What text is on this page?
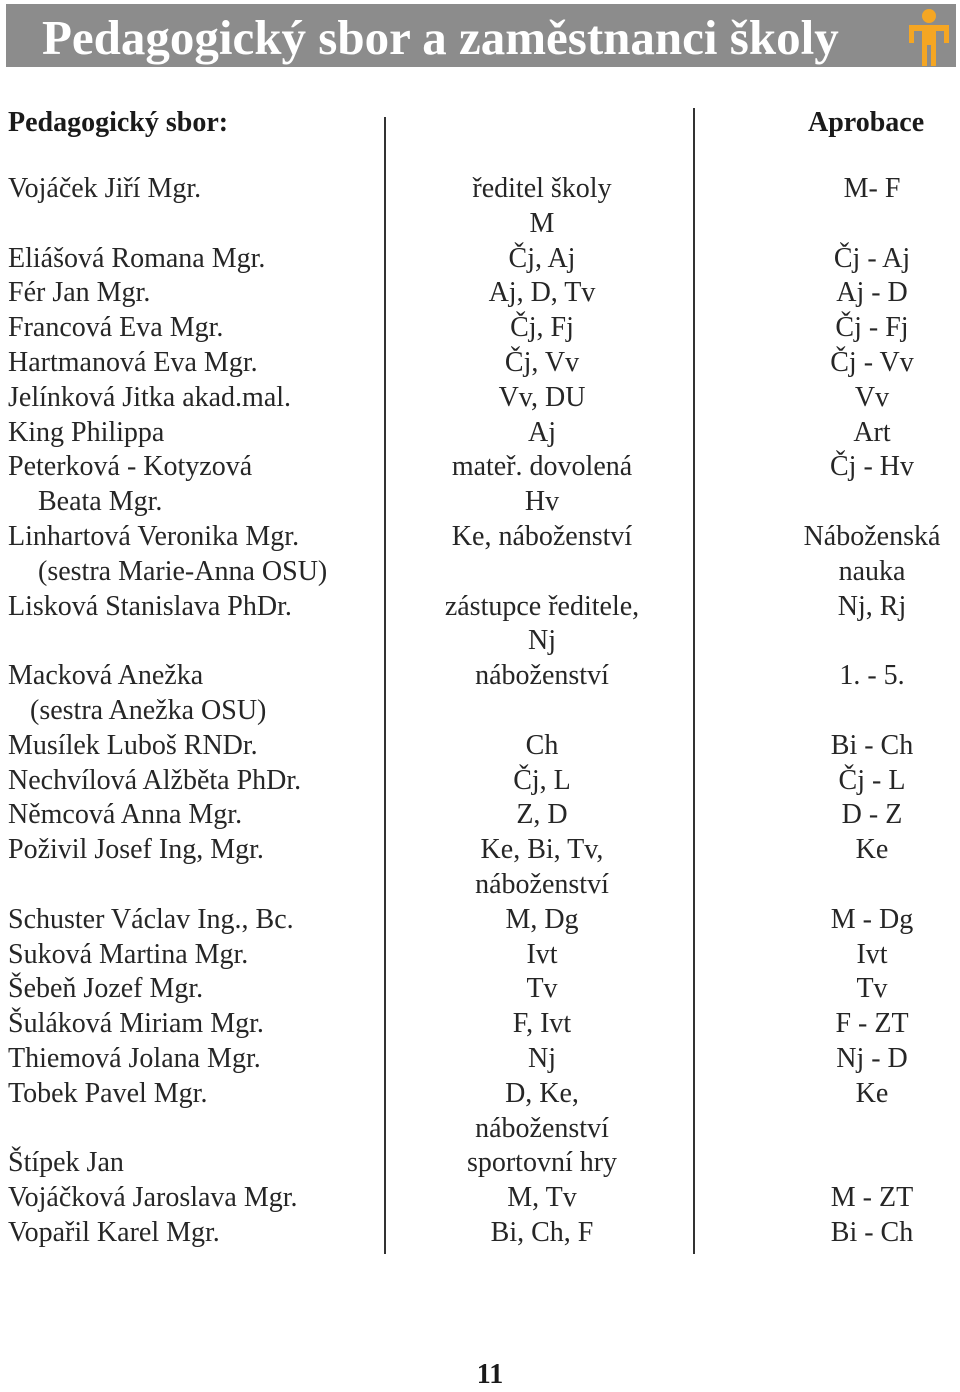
Pedagogický sbor a zaměstnanci školy
Pedagogický sbor:	Aprobace
Vojáček Jiří Mgr.
Eliášová Romana Mgr.
Fér Jan Mgr.
Francová Eva Mgr.
Hartmanová Eva Mgr.
Jelínková Jitka akad.mal.
King Philippa
Peterková - Kotyzová
Beata Mgr.
Linhartová Veronika Mgr.
(sestra Marie-Anna OSU)
Lisková Stanislava PhDr.
Macková Anežka
(sestra Anežka OSU)
Musílek Luboš RNDr.
Nechvílová Alžběta PhDr.
Němcová Anna Mgr.
Poživil Josef Ing, Mgr.
Schuster Václav Ing., Bc.
Suková Martina Mgr.
Šebeň Jozef Mgr.
Šuláková Miriam Mgr.
Thiemová Jolana Mgr.
Tobek Pavel Mgr.
Štípek Jan
Vojáčková Jaroslava Mgr.
Vopařil Karel Mgr.
ředitel školy
M
Čj, Aj
Aj, D, Tv
Čj, Fj
Čj, Vv
Vv, DU
Aj
mateř. dovolená
Hv
Ke, náboženství
zástupce ředitele,
Nj
náboženství
Ch
Čj, L
Z, D
Ke, Bi, Tv,
náboženství
M, Dg
Ivt
Tv
F, Ivt
Nj
D, Ke,
náboženství
sportovní hry
M, Tv
Bi, Ch, F
M- F
Čj - Aj
Aj - D
Čj - Fj
Čj - Vv
Vv
Art
Čj - Hv
Náboženská
nauka
Nj, Rj
1. - 5.
Bi - Ch
Čj - L
D - Z
Ke
M - Dg
Ivt
Tv
F - ZT
Nj - D
Ke
M - ZT
Bi - Ch
11
